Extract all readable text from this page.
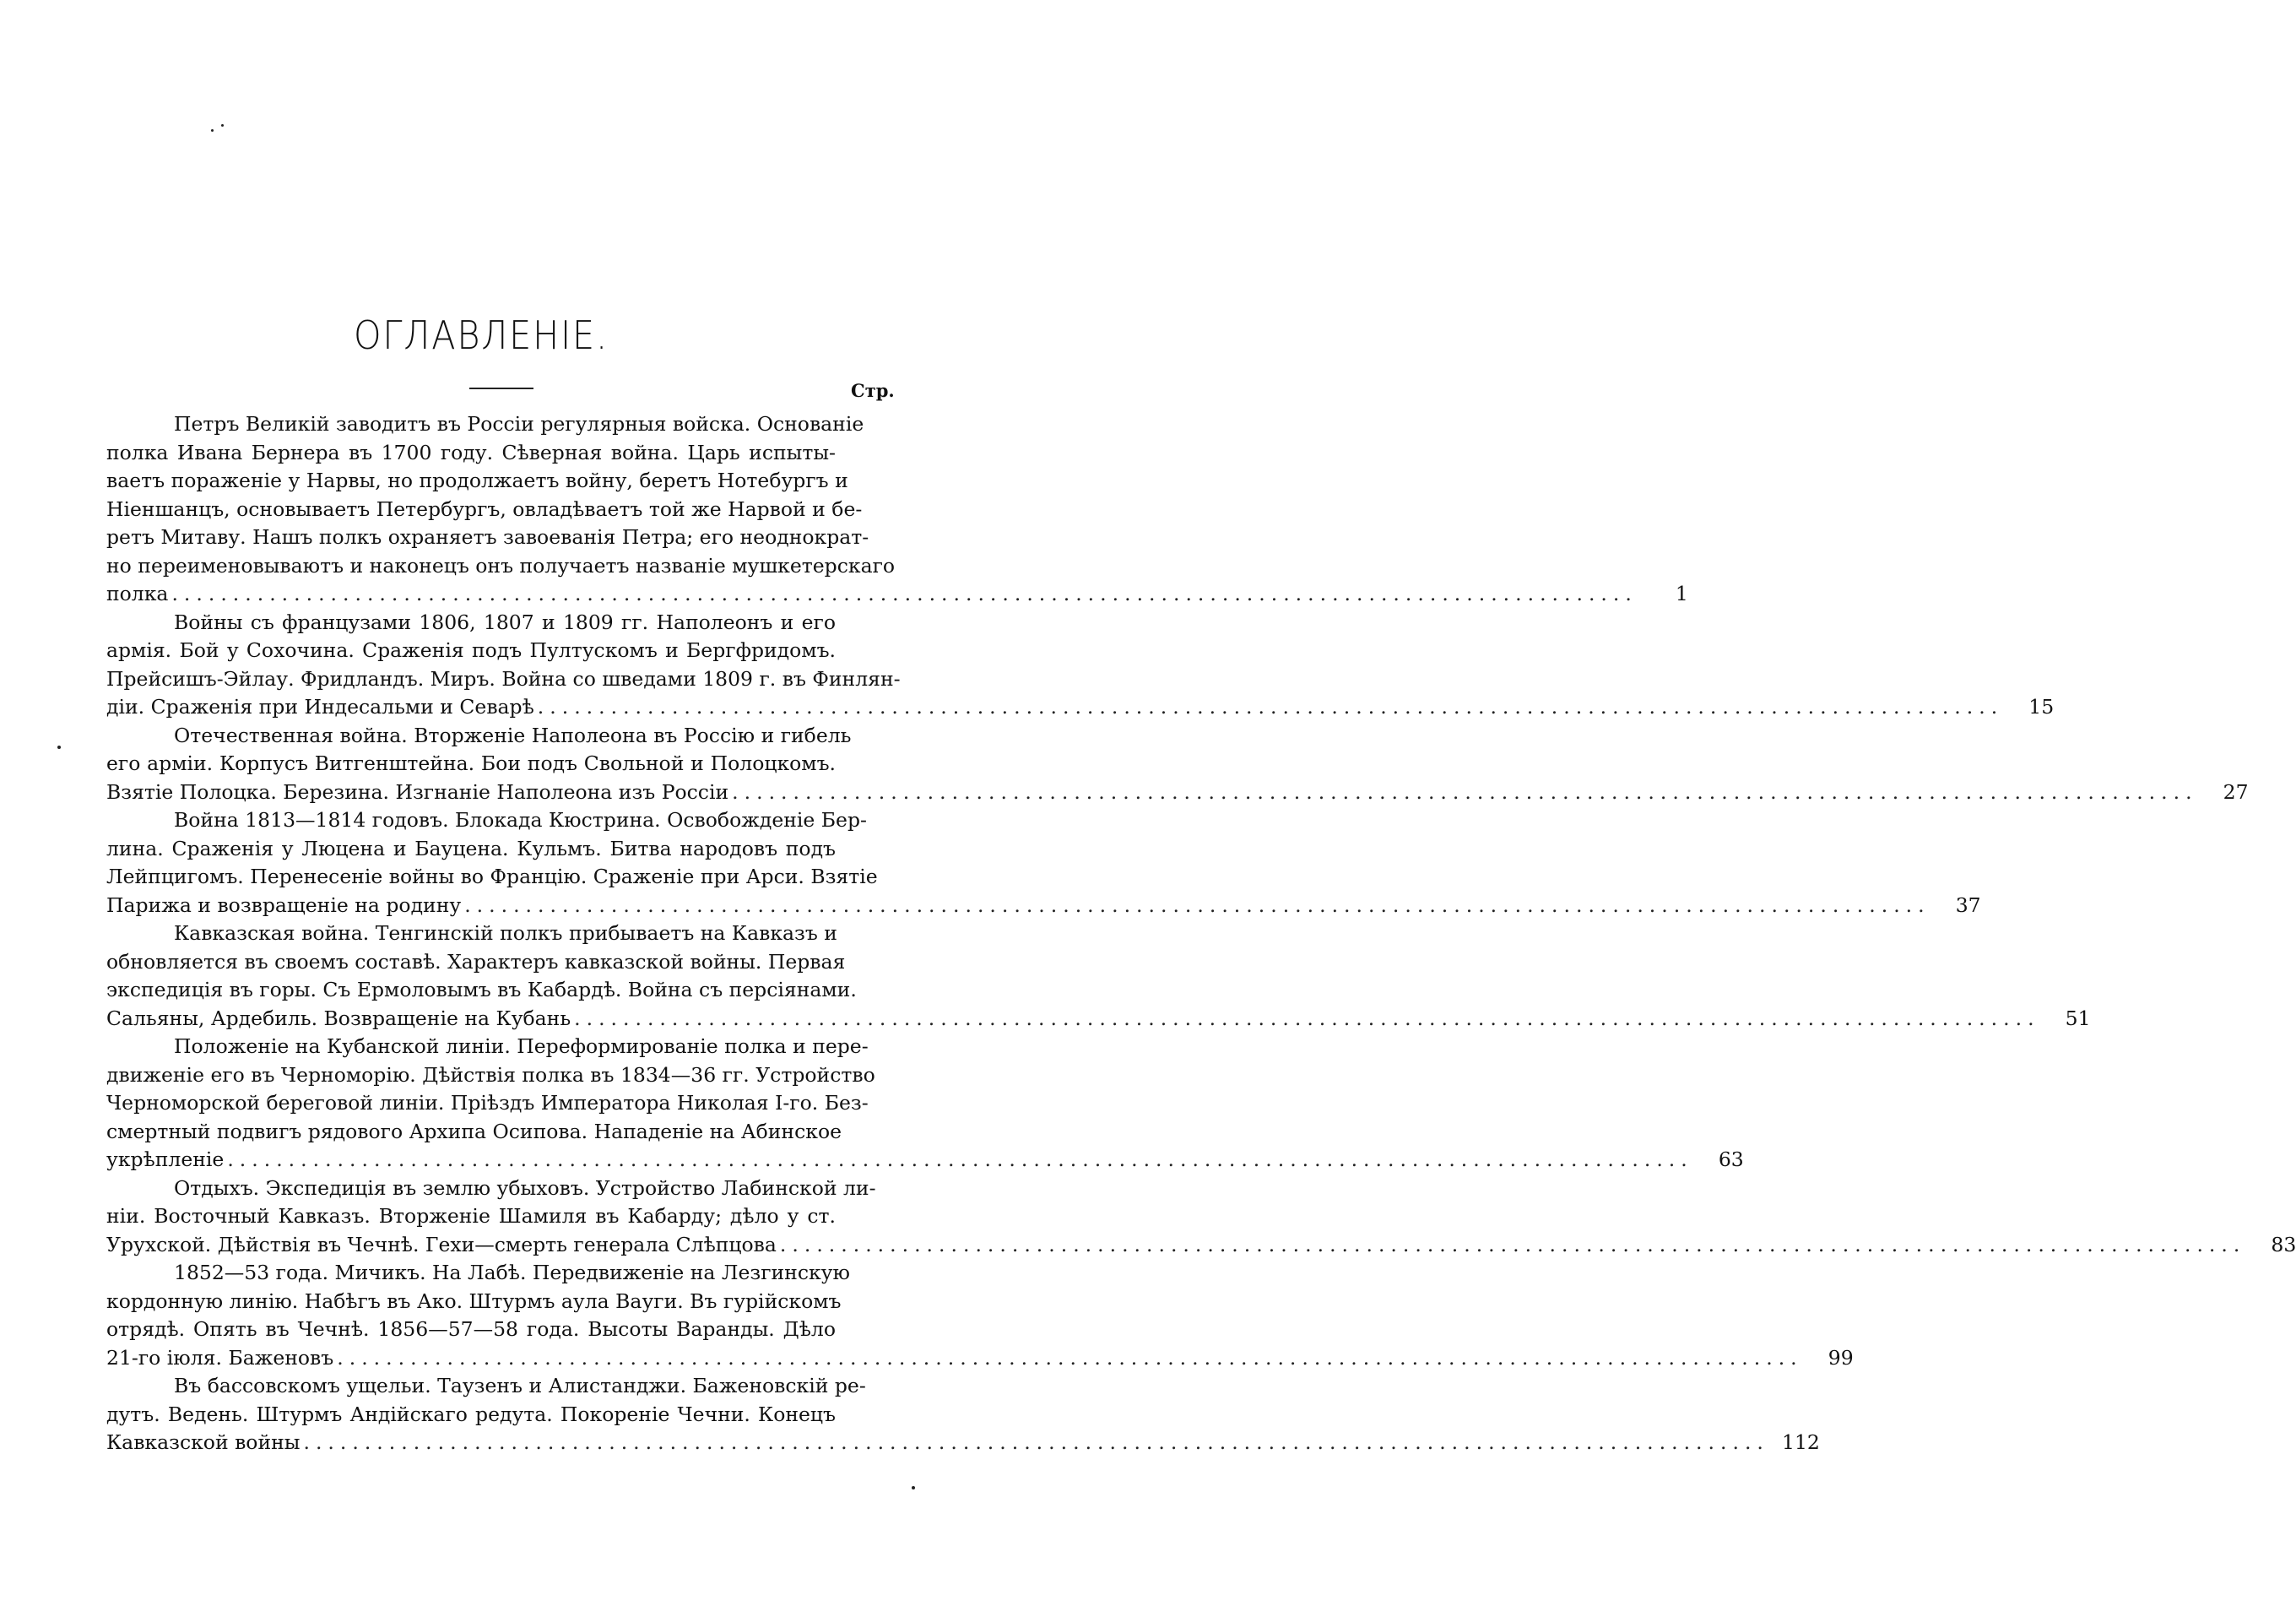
ОГЛАВЛЕНІЕ.
Стр.
Петръ Великій заводитъ въ Россіи регулярныя войска. Основаніе
полка Ивана Бернера въ 1700 году. Сѣверная война. Царь испыты-
ваетъ пораженіе у Нарвы, но продолжаетъ войну, беретъ Нотебургъ и
Ніеншанцъ, основываетъ Петербургъ, овладѣваетъ той же Нарвой и бе-
ретъ Митаву. Нашъ полкъ охраняетъ завоеванія Петра; его неоднократ-
но переименовываютъ и наконецъ онъ получаетъ названіе мушкетерскаго
полка ........................................................................................................................	1
Войны съ французами 1806, 1807 и 1809 гг. Наполеонъ и его
армія. Бой у Сохочина. Сраженія подъ Пултускомъ и Бергфридомъ.
Прейсишъ-Эйлау. Фридландъ. Миръ. Война со шведами 1809 г. въ Финлян-
діи. Сраженія при Индесальми и Севарѣ ........................................................................................................................	15
Отечественная война. Вторженіе Наполеона въ Россію и гибель
его арміи. Корпусъ Витгенштейна. Бои подъ Свольной и Полоцкомъ.
Взятіе Полоцка. Березина. Изгнаніе Наполеона изъ Россіи ........................................................................................................................	27
Война 1813—1814 годовъ. Блокада Кюстрина. Освобожденіе Бер-
лина. Сраженія у Люцена и Бауцена. Кульмъ. Битва народовъ подъ
Лейпцигомъ. Перенесеніе войны во Францію. Сраженіе при Арси. Взятіе
Парижа и возвращеніе на родину ........................................................................................................................	37
Кавказская война. Тенгинскій полкъ прибываетъ на Кавказъ и
обновляется въ своемъ составѣ. Характеръ кавказской войны. Первая
экспедиція въ горы. Съ Ермоловымъ въ Кабардѣ. Война съ персіянами.
Сальяны, Ардебиль. Возвращеніе на Кубань ........................................................................................................................	51
Положеніе на Кубанской линіи. Переформированіе полка и пере-
движеніе его въ Черноморію. Дѣйствія полка въ 1834—36 гг. Устройство
Черноморской береговой линіи. Пріѣздъ Императора Николая I-го. Без-
смертный подвигъ рядового Архипа Осипова. Нападеніе на Абинское
укрѣпленіе ........................................................................................................................	63
Отдыхъ. Экспедиція въ землю убыховъ. Устройство Лабинской ли-
ніи. Восточный Кавказъ. Вторженіе Шамиля въ Кабарду; дѣло у ст.
Урухской. Дѣйствія въ Чечнѣ. Гехи—смерть генерала Слѣпцова ........................................................................................................................	83
1852—53 года. Мичикъ. На Лабѣ. Передвиженіе на Лезгинскую
кордонную линію. Набѣгъ въ Ако. Штурмъ аула Вауги. Въ гурійскомъ
отрядѣ. Опять въ Чечнѣ. 1856—57—58 года. Высоты Варанды. Дѣло
21-го іюля. Баженовъ ........................................................................................................................	99
Въ бассовскомъ ущельи. Таузенъ и Алистанджи. Баженовскій ре-
дутъ. Ведень. Штурмъ Андійскаго редута. Покореніе Чечни. Конецъ
Кавказской войны ........................................................................................................................ 112
